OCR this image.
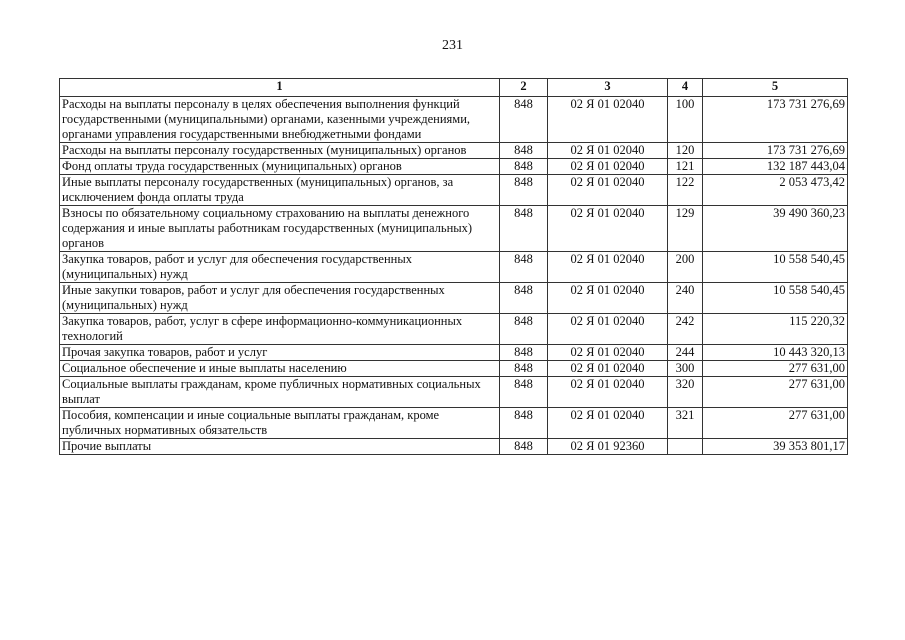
231
1	2	3	4	5
Расходы на выплаты персоналу в целях обеспечения выполнения функций государственными (муниципальными) органами, казенными учреждениями, органами управления государственными внебюджетными фондами	848	02 Я 01 02040	100	173 731 276,69
Расходы на выплаты персоналу государственных (муниципальных) органов	848	02 Я 01 02040	120	173 731 276,69
Фонд оплаты труда государственных (муниципальных) органов	848	02 Я 01 02040	121	132 187 443,04
Иные выплаты персоналу государственных (муниципальных) органов, за исключением фонда оплаты труда	848	02 Я 01 02040	122	2 053 473,42
Взносы по обязательному социальному страхованию на выплаты денежного содержания и иные выплаты работникам государственных (муниципальных) органов	848	02 Я 01 02040	129	39 490 360,23
Закупка товаров, работ и услуг для обеспечения государственных (муниципальных) нужд	848	02 Я 01 02040	200	10 558 540,45
Иные закупки товаров, работ и услуг для обеспечения государственных (муниципальных) нужд	848	02 Я 01 02040	240	10 558 540,45
Закупка товаров, работ, услуг в сфере информационно-коммуникационных технологий	848	02 Я 01 02040	242	115 220,32
Прочая закупка товаров, работ и услуг	848	02 Я 01 02040	244	10 443 320,13
Социальное обеспечение и иные выплаты населению	848	02 Я 01 02040	300	277 631,00
Социальные выплаты гражданам, кроме публичных нормативных социальных выплат	848	02 Я 01 02040	320	277 631,00
Пособия, компенсации и иные социальные выплаты гражданам, кроме публичных нормативных обязательств	848	02 Я 01 02040	321	277 631,00
Прочие выплаты	848	02 Я 01 92360		39 353 801,17
